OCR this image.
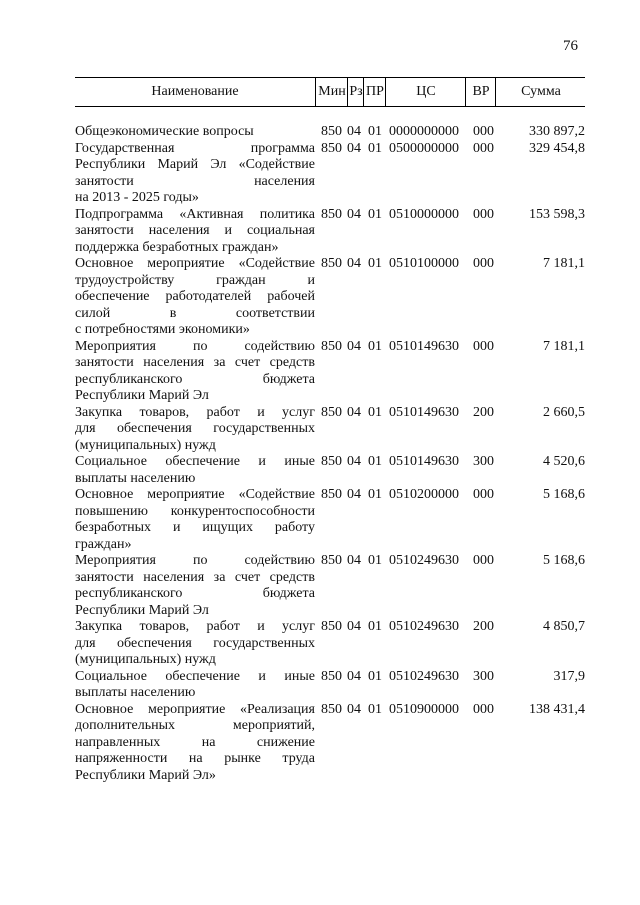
76
Наименование	Мин Рз ПР	ЦС	ВР	Сумма
Общеэкономические вопросы	850 04 01 0000000000 000	330 897,2
Государственная программа
Республики Марий Эл «Содействие
занятости населения
на 2013 - 2025 годы»
850 04 01 0500000000 000	329 454,8
Подпрограмма «Активная политика
занятости населения и социальная
поддержка безработных граждан»
850 04 01 0510000000 000	153 598,3
Основное мероприятие «Содействие
трудоустройству граждан и
обеспечение работодателей рабочей
силой в соответствии
с потребностями экономики»
850 04 01 0510100000 000	7 181,1
Мероприятия по содействию
занятости населения за счет средств
республиканского бюджета
Республики Марий Эл
850 04 01 0510149630 000	7 181,1
Закупка товаров, работ и услуг
для обеспечения государственных
(муниципальных) нужд
850 04 01 0510149630 200	2 660,5
Социальное обеспечение и иные
выплаты населению
850 04 01 0510149630 300	4 520,6
Основное мероприятие «Содействие
повышению конкурентоспособности
безработных и ищущих работу
граждан»
850 04 01 0510200000 000	5 168,6
Мероприятия по содействию
занятости населения за счет средств
республиканского бюджета
Республики Марий Эл
850 04 01 0510249630 000	5 168,6
Закупка товаров, работ и услуг
для обеспечения государственных
(муниципальных) нужд
850 04 01 0510249630 200	4 850,7
Социальное обеспечение и иные
выплаты населению
850 04 01 0510249630 300	317,9
Основное мероприятие «Реализация
дополнительных мероприятий,
направленных на снижение
напряженности на рынке труда
Республики Марий Эл»
850 04 01 0510900000 000	138 431,4
